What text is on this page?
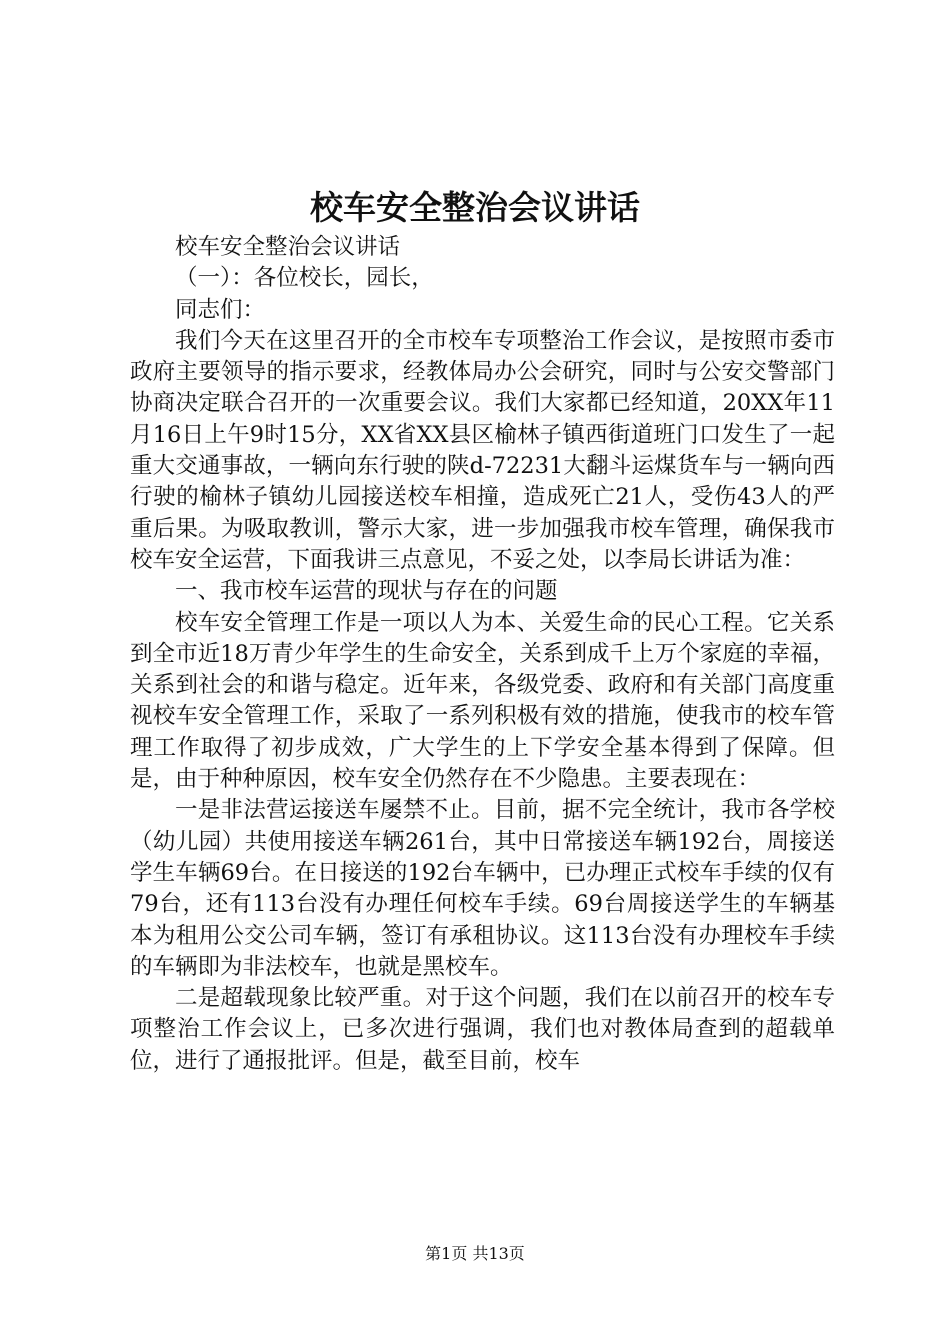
校车安全整治会议讲话

校车安全整治会议讲话

（一）：各位校长，园长，

同志们：

我们今天在这里召开的全市校车专项整治工作会议，是按照市委市政府主要领导的指示要求，经教体局办公会研究，同时与公安交警部门协商决定联合召开的一次重要会议。我们大家都已经知道，20XX年11月16日上午9时15分，XX省XX县区榆林子镇西街道班门口发生了一起重大交通事故，一辆向东行驶的陕d-72231大翻斗运煤货车与一辆向西行驶的榆林子镇幼儿园接送校车相撞，造成死亡21人，受伤43人的严重后果。为吸取教训，警示大家，进一步加强我市校车管理，确保我市校车安全运营，下面我讲三点意见，不妥之处，以李局长讲话为准：

一、我市校车运营的现状与存在的问题

校车安全管理工作是一项以人为本、关爱生命的民心工程。它关系到全市近18万青少年学生的生命安全，关系到成千上万个家庭的幸福，关系到社会的和谐与稳定。近年来，各级党委、政府和有关部门高度重视校车安全管理工作，采取了一系列积极有效的措施，使我市的校车管理工作取得了初步成效，广大学生的上下学安全基本得到了保障。但是，由于种种原因，校车安全仍然存在不少隐患。主要表现在：

一是非法营运接送车屡禁不止。目前，据不完全统计，我市各学校（幼儿园）共使用接送车辆261台，其中日常接送车辆192台，周接送学生车辆69台。在日接送的192台车辆中，已办理正式校车手续的仅有79台，还有113台没有办理任何校车手续。69台周接送学生的车辆基本为租用公交公司车辆，签订有承租协议。这113台没有办理校车手续的车辆即为非法校车，也就是黑校车。

二是超载现象比较严重。对于这个问题，我们在以前召开的校车专项整治工作会议上，已多次进行强调，我们也对教体局查到的超载单位，进行了通报批评。但是，截至目前，校车

第1页 共13页
